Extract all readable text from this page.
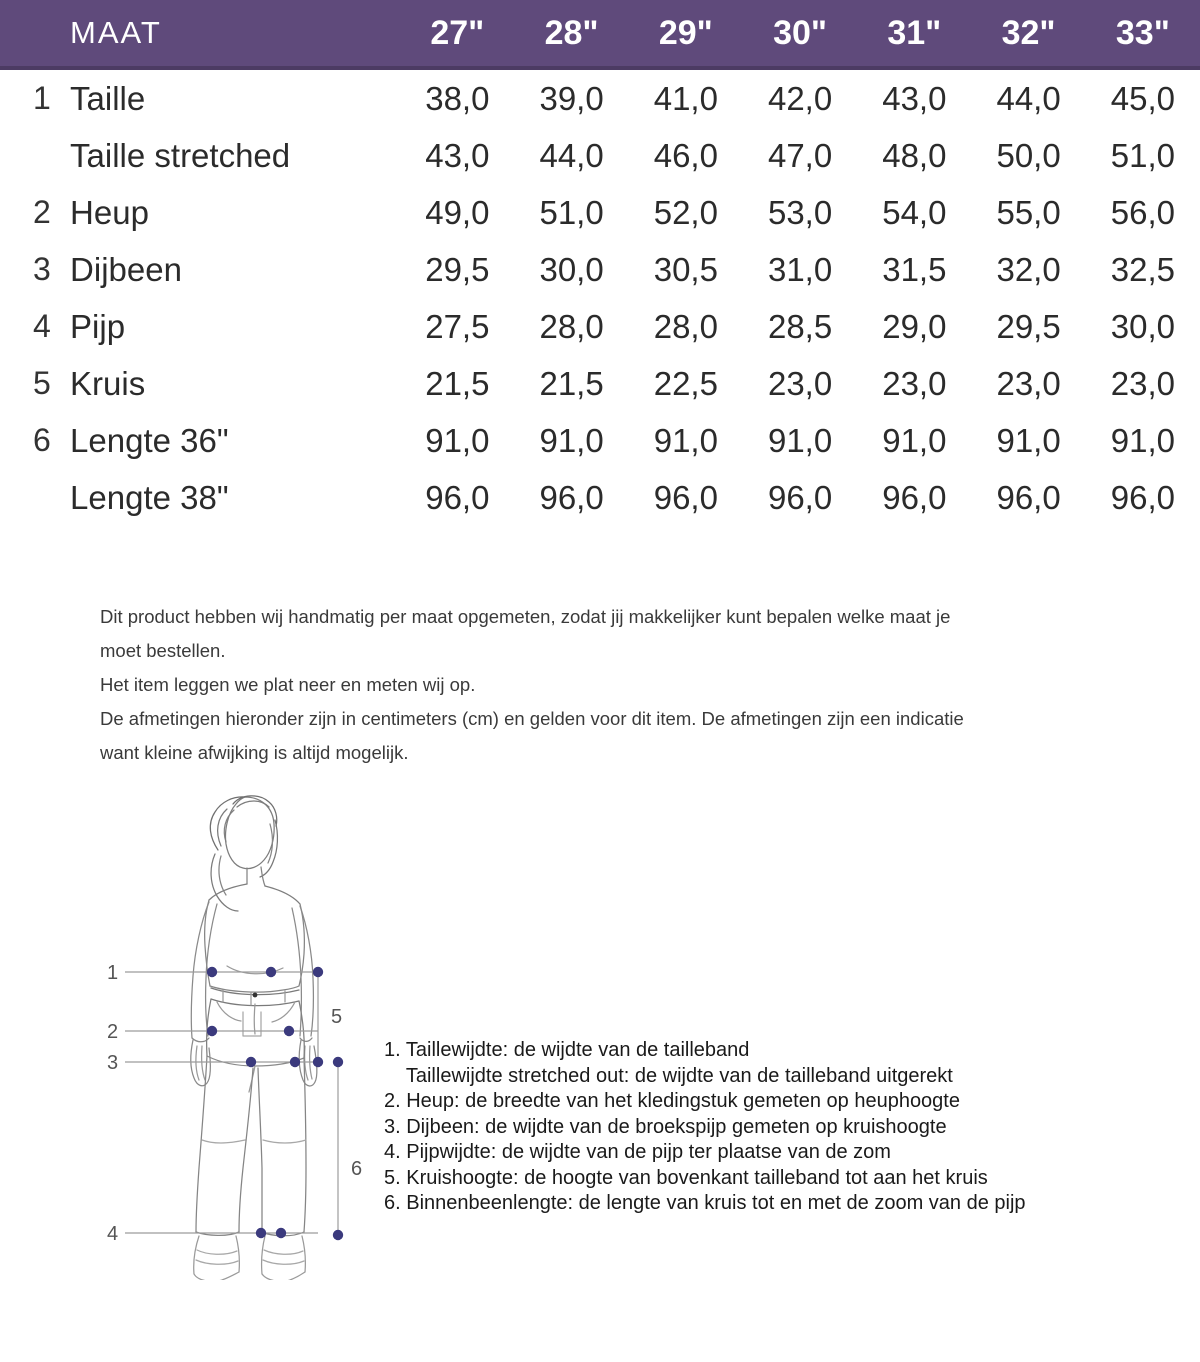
	MAAT	27"	28"	29"	30"	31"	32"	33"
1	Taille	38,0	39,0	41,0	42,0	43,0	44,0	45,0
	Taille stretched	43,0	44,0	46,0	47,0	48,0	50,0	51,0
2	Heup	49,0	51,0	52,0	53,0	54,0	55,0	56,0
3	Dijbeen	29,5	30,0	30,5	31,0	31,5	32,0	32,5
4	Pijp	27,5	28,0	28,0	28,5	29,0	29,5	30,0
5	Kruis	21,5	21,5	22,5	23,0	23,0	23,0	23,0
6	Lengte 36"	91,0	91,0	91,0	91,0	91,0	91,0	91,0
	Lengte 38"	96,0	96,0	96,0	96,0	96,0	96,0	96,0

Dit product hebben wij handmatig per maat opgemeten, zodat jij makkelijker kunt bepalen welke maat je moet bestellen.

Het item leggen we plat neer en meten wij op.

De afmetingen hieronder zijn in centimeters (cm) en gelden voor dit item. De afmetingen zijn een indicatie want kleine afwijking is altijd mogelijk.

1
2
3
4
5
6
1. Taillewijdte: de wijdte van de tailleband
Taillewijdte stretched out: de wijdte van de tailleband uitgerekt
2. Heup: de breedte van het kledingstuk gemeten op heuphoogte
3. Dijbeen: de wijdte van de broekspijp gemeten op kruishoogte
4. Pijpwijdte: de wijdte van de pijp ter plaatse van de zom
5. Kruishoogte: de hoogte van bovenkant tailleband tot aan het kruis
6. Binnenbeenlengte: de lengte van kruis tot en met de zoom van de pijp
